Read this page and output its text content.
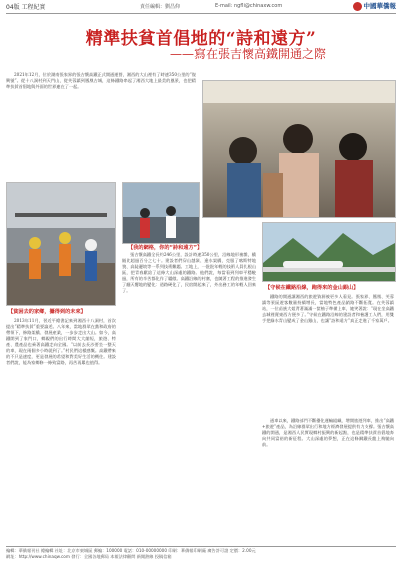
04版 工程紀實	責任編輯：劉昌仰	E-mail: ngfli@chinaxw.com	中國華僑報
精準扶貧首倡地的“詩和遠方”
——寫在張吉懷高鐵開通之際
【貧困去的家鄉，攝得到的未來】
【我的網格，你的“詩和遠方”】
【守候在鐵路沿線，跑得來的金山銀山】

2021年12月，位於湖南張家界的張吉懷高鐵正式開通運營，湘西的大山裡有了時速350公里的“復興號”。從十八洞村到天門山，從芙蓉鎮到鳳凰古城，這條鐵路串起了湘西大地上最美的風景，也把精準扶貧首倡地與外面的世界連在了一起。

2013年11月，習近平總書記來到湘西十八洞村，首次提出“精準扶貧”重要論述。八年來，當地群眾在黨和政府的帶領下，修路架橋、發展產業，一步步走出大山。如今，高鐵開到了家門口，鄉親們的出行時間大大縮短，旅遊、特產、農產品也乘著高鐵走向全國。“以前去長沙要坐一整天的車，現在兩個多小時就到了。”村民們這樣感慨。高鐵帶來的不只是速度，更是發展的希望和對美好生活的嚮往。建設者們說，能為家鄉修一條致富路，再苦再累也值得。

張吉懷高鐵全長約246公里，設計時速350公里，沿線地形複雜，橋隧比超過百分之七十。建設者們穿山越嶺、逢水架橋，克服了喀斯特地貌、高陡邊坡等一系列技術難題。工地上，一批批年輕的技術人員扎根山區，把青春獻給了這條大山深處的鐵路。他們說，每當看到列車平穩駛過，所有的辛苦都化作了驕傲。高鐵沿線的村寨，也隨著工程的推進發生了翻天覆地的變化：道路硬化了，民宿開起來了，外出務工的年輕人回來了。

鐵路的開通讓湘西的旅遊資源被更多人看見。張家界、鳳凰、芙蓉鎮等景區遊客數量持續增長，當地特色產品銷路不斷拓寬。在芙蓉鎮站，一位苗族大姐背著滿滿一筐柚子準備上車，她笑著說：“現在坐高鐵去城裡賣東西方便多了。”守候在鐵路沿線的建設者和養護工人們，用雙手把綠水青山變成了金山銀山，也讓“詩和遠方”真正走進了千家萬戶。

通車以來，鐵路部門不斷優化運輸組織，增開旅遊列車，推出“高鐵+旅遊”產品，為沿線群眾出行和地方經濟發展提供有力支撐。張吉懷高鐵的開通，是湘西人民實現鄉村振興的新起點，也是精準扶貧首倡地奔向共同富裕的新征程。大山深處的夢想，正在這條鋼鐵長龍上飛馳向前。

編輯：華僑報刊社 總編輯 社址：北京市東城區 郵編：100000 電話：010-00000000 印刷：華僑報印刷廠 廣告許可證 定價：2.00元
網址：http://www.chinaqw.com 發行：全國各地郵局 本報法律顧問 新聞熱線 投稿信箱
